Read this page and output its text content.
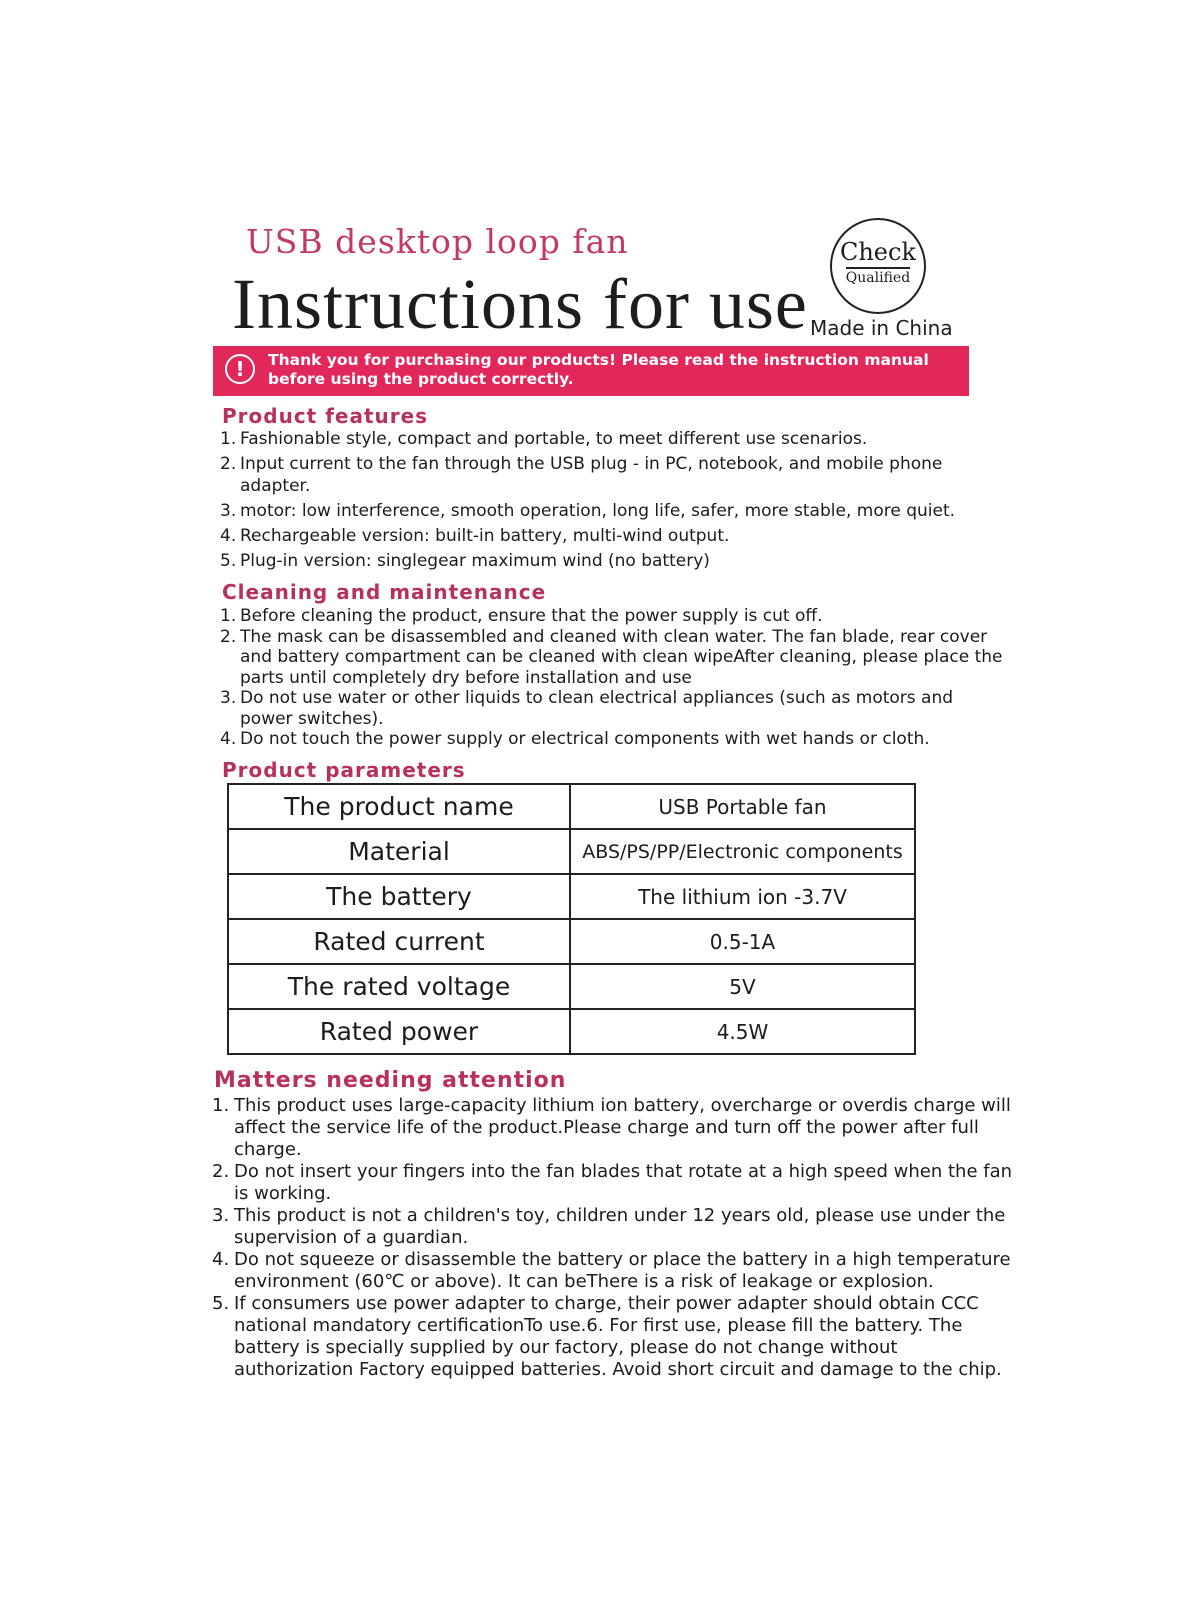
USB desktop loop fan
Instructions for use
Check
Qualified
Made in China
!	Thank you for purchasing our products! Please read the instruction manual before using the product correctly.
Product features
1. Fashionable style, compact and portable, to meet different use scenarios.
2. Input current to the fan through the USB plug - in PC, notebook, and mobile phone adapter.
3. motor: low interference, smooth operation, long life, safer, more stable, more quiet.
4. Rechargeable version: built-in battery, multi-wind output.
5. Plug-in version: singlegear maximum wind (no battery)
Cleaning and maintenance
1. Before cleaning the product, ensure that the power supply is cut off.
2. The mask can be disassembled and cleaned with clean water. The fan blade, rear cover and battery compartment can be cleaned with clean wipeAfter cleaning, please place the parts until completely dry before installation and use
3. Do not use water or other liquids to clean electrical appliances (such as motors and power switches).
4. Do not touch the power supply or electrical components with wet hands or cloth.
Product parameters
The product name	USB Portable fan
Material	ABS/PS/PP/Electronic components
The battery	The lithium ion -3.7V
Rated current	0.5-1A
The rated voltage	5V
Rated power	4.5W
Matters needing attention
1. This product uses large-capacity lithium ion battery, overcharge or overdis charge will affect the service life of the product.Please charge and turn off the power after full charge.
2. Do not insert your fingers into the fan blades that rotate at a high speed when the fan is working.
3. This product is not a children's toy, children under 12 years old, please use under the supervision of a guardian.
4. Do not squeeze or disassemble the battery or place the battery in a high temperature environment (60℃ or above). It can beThere is a risk of leakage or explosion.
5. If consumers use power adapter to charge, their power adapter should obtain CCC national mandatory certificationTo use.6. For first use, please fill the battery. The battery is specially supplied by our factory, please do not change without authorization Factory equipped batteries. Avoid short circuit and damage to the chip.
